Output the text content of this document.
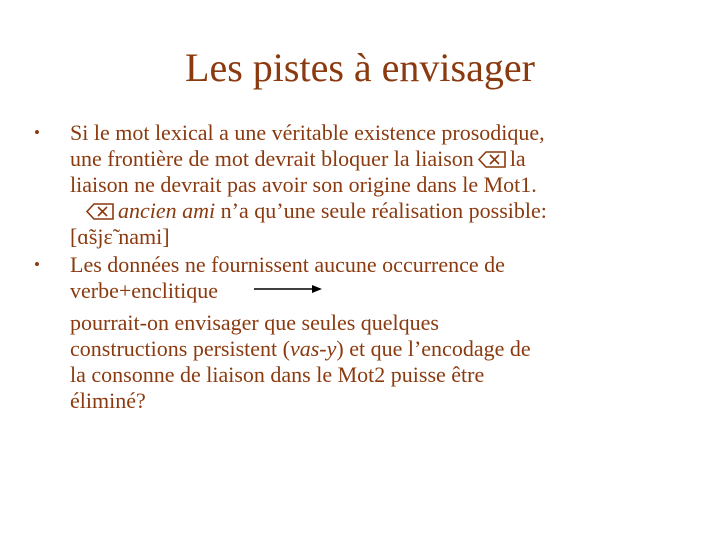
Les pistes à envisager
•	Si le mot lexical a une véritable existence prosodique,
une frontière de mot devrait bloquer la liaison la
liaison ne devrait pas avoir son origine dans le Mot1.
ancien ami n’a qu’une seule réalisation possible:
[ɑ̃sjɛ̃ nami]
•	Les données ne fournissent aucune occurrence de
verbe+enclitique
pourrait-on envisager que seules quelques
constructions persistent (vas-y) et que l’encodage de
la consonne de liaison dans le Mot2 puisse être
éliminé?
